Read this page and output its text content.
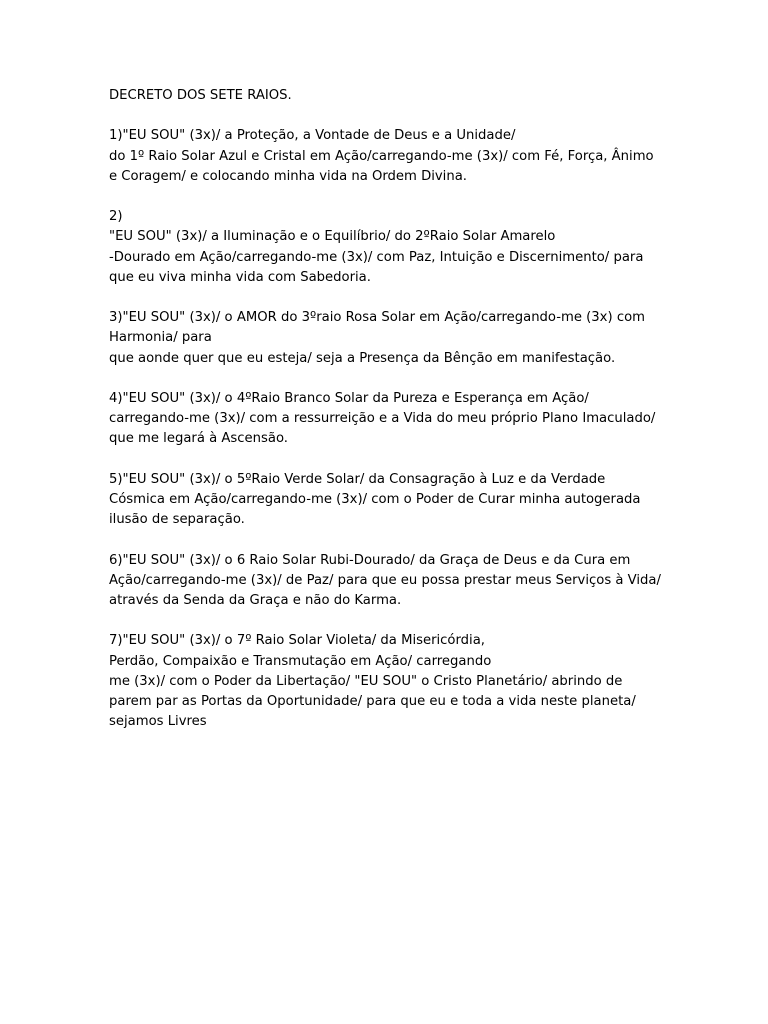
DECRETO DOS SETE RAIOS.

1)"EU SOU" (3x)/ a Proteção, a Vontade de Deus e a Unidade/
do 1º Raio Solar Azul e Cristal em Ação/carregando-me (3x)/ com Fé, Força, Ânimo
e Coragem/ e colocando minha vida na Ordem Divina.
2)
"EU SOU" (3x)/ a Iluminação e o Equilíbrio/ do 2ºRaio Solar Amarelo
-Dourado em Ação/carregando-me (3x)/ com Paz, Intuição e Discernimento/ para
que eu viva minha vida com Sabedoria.
3)"EU SOU" (3x)/ o AMOR do 3ºraio Rosa Solar em Ação/carregando-me (3x) com
Harmonia/ para
que aonde quer que eu esteja/ seja a Presença da Bênção em manifestação.
4)"EU SOU" (3x)/ o 4ºRaio Branco Solar da Pureza e Esperança em Ação/
carregando-me (3x)/ com a ressurreição e a Vida do meu próprio Plano Imaculado/
que me legará à Ascensão.
5)"EU SOU" (3x)/ o 5ºRaio Verde Solar/ da Consagração à Luz e da Verdade
Cósmica em Ação/carregando-me (3x)/ com o Poder de Curar minha autogerada
ilusão de separação.
6)"EU SOU" (3x)/ o 6 Raio Solar Rubi-Dourado/ da Graça de Deus e da Cura em
Ação/carregando-me (3x)/ de Paz/ para que eu possa prestar meus Serviços à Vida/
através da Senda da Graça e não do Karma.
7)"EU SOU" (3x)/ o 7º Raio Solar Violeta/ da Misericórdia,
Perdão, Compaixão e Transmutação em Ação/ carregando
me (3x)/ com o Poder da Libertação/ "EU SOU" o Cristo Planetário/ abrindo de
parem par as Portas da Oportunidade/ para que eu e toda a vida neste planeta/
sejamos Livres
